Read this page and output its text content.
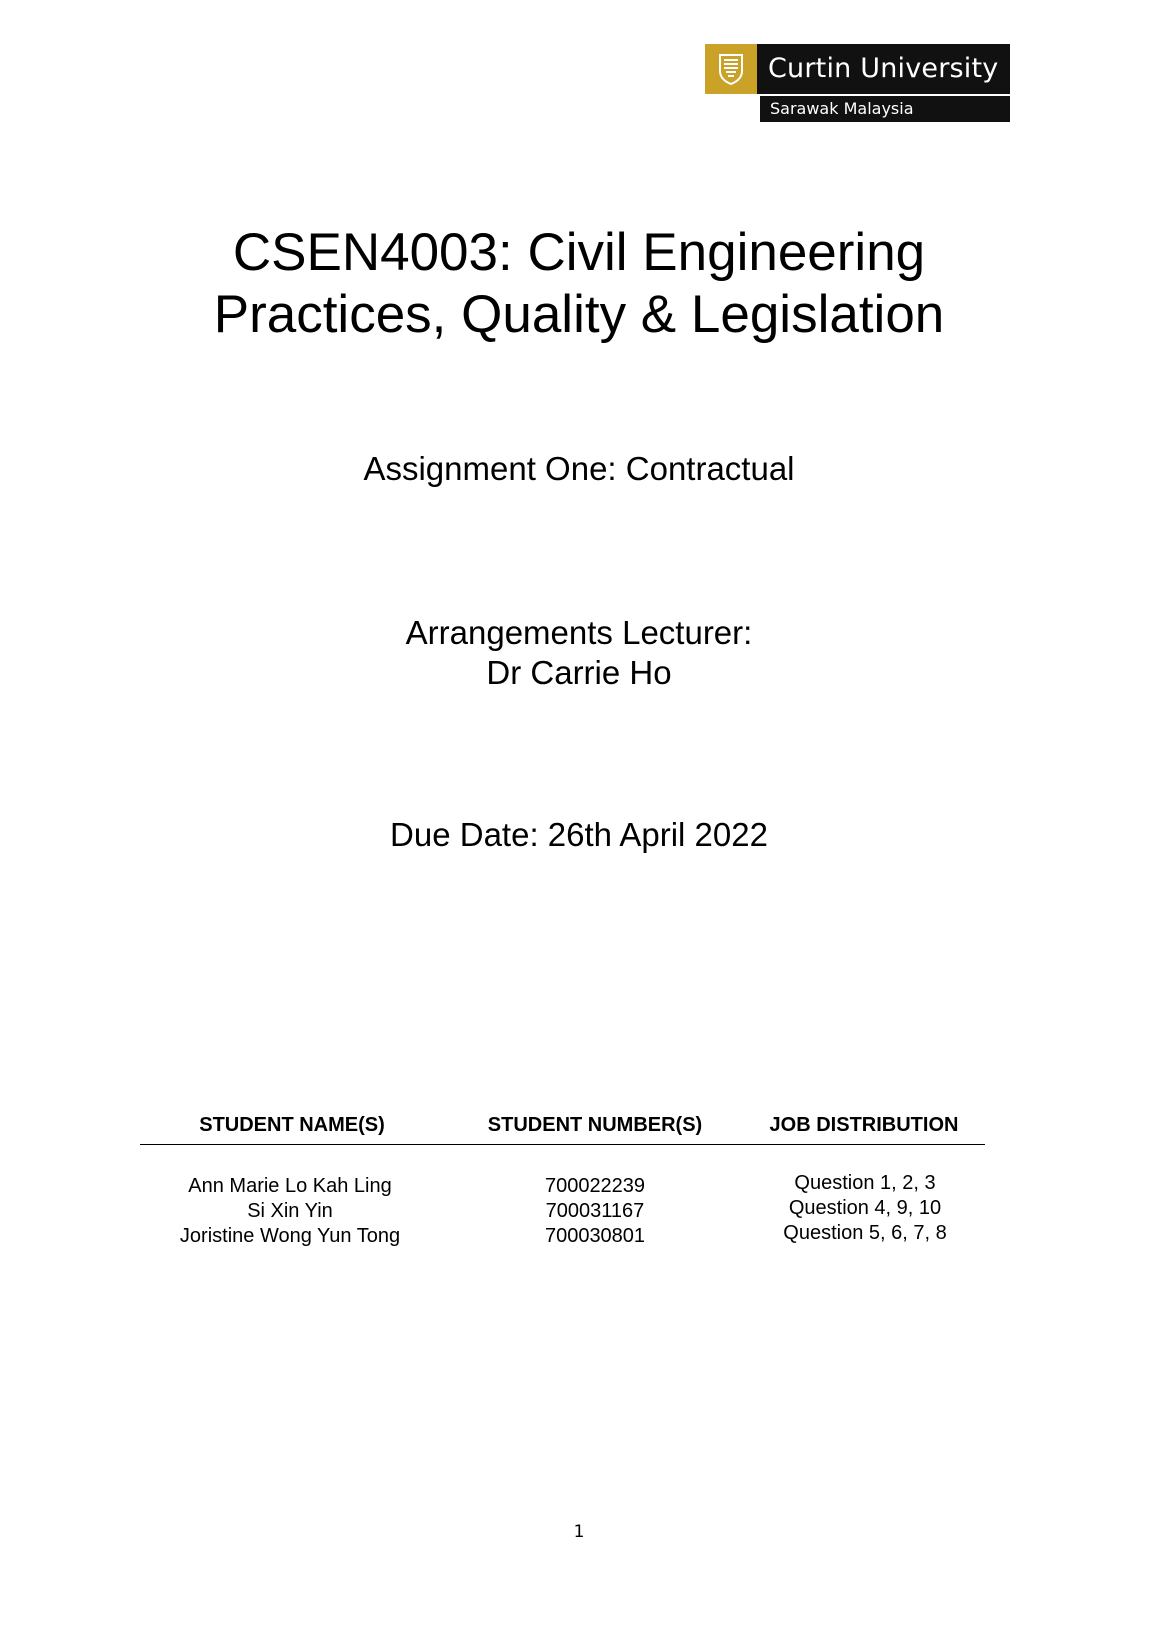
Curtin University
Sarawak Malaysia
CSEN4003: Civil Engineering
Practices, Quality & Legislation
Assignment One: Contractual
Arrangements Lecturer:
Dr Carrie Ho
Due Date: 26th April 2022
STUDENT NAME(S)	STUDENT NUMBER(S)	JOB DISTRIBUTION
Ann Marie Lo Kah Ling
Si Xin Yin
Joristine Wong Yun Tong
700022239
700031167
700030801
Question 1, 2, 3
Question 4, 9, 10
Question 5, 6, 7, 8
1
